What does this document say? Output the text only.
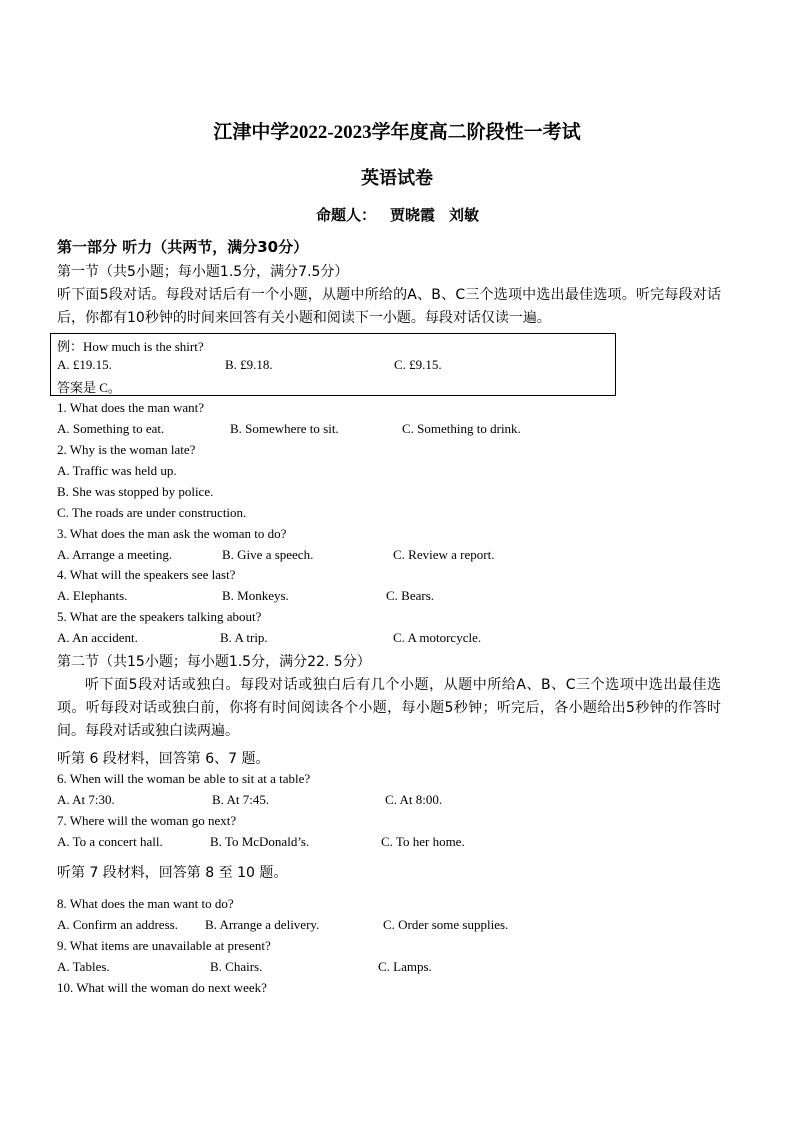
江津中学2022-2023学年度高二阶段性一考试
英语试卷
命题人： 贾晓霞 刘敏
第一部分 听力（共两节，满分30分）
第一节（共5小题；每小题1.5分，满分7.5分）
听下面5段对话。每段对话后有一个小题，从题中所给的A、B、C三个选项中选出最佳选项。听完每段对话后，你都有10秒钟的时间来回答有关小题和阅读下一小题。每段对话仅读一遍。
例：How much is the shirt?
A. £19.15.	B. £9.18.	C. £9.15.
答案是 C。
1. What does the man want?
A. Something to eat.	B. Somewhere to sit.	C. Something to drink.
2. Why is the woman late?
A. Traffic was held up.
B. She was stopped by police.
C. The roads are under construction.
3. What does the man ask the woman to do?
A. Arrange a meeting.	B. Give a speech.	C. Review a report.
4. What will the speakers see last?
A. Elephants.	B. Monkeys.	C. Bears.
5. What are the speakers talking about?
A. An accident.	B. A trip.	C. A motorcycle.
第二节（共15小题；每小题1.5分，满分22. 5分）
听下面5段对话或独白。每段对话或独白后有几个小题，从题中所给A、B、C三个选项中选出最佳选项。听每段对话或独白前，你将有时间阅读各个小题，每小题5秒钟；听完后，各小题给出5秒钟的作答时间。每段对话或独白读两遍。
听第 6 段材料，回答第 6、7 题。
6. When will the woman be able to sit at a table?
A. At 7:30.	B. At 7:45.	C. At 8:00.
7. Where will the woman go next?
A. To a concert hall.	B. To McDonald’s.	C. To her home.
听第 7 段材料，回答第 8 至 10 题。
8. What does the man want to do?
A. Confirm an address. B. Arrange a delivery.	C. Order some supplies.
9. What items are unavailable at present?
A. Tables.	B. Chairs.	C. Lamps.
10. What will the woman do next week?
